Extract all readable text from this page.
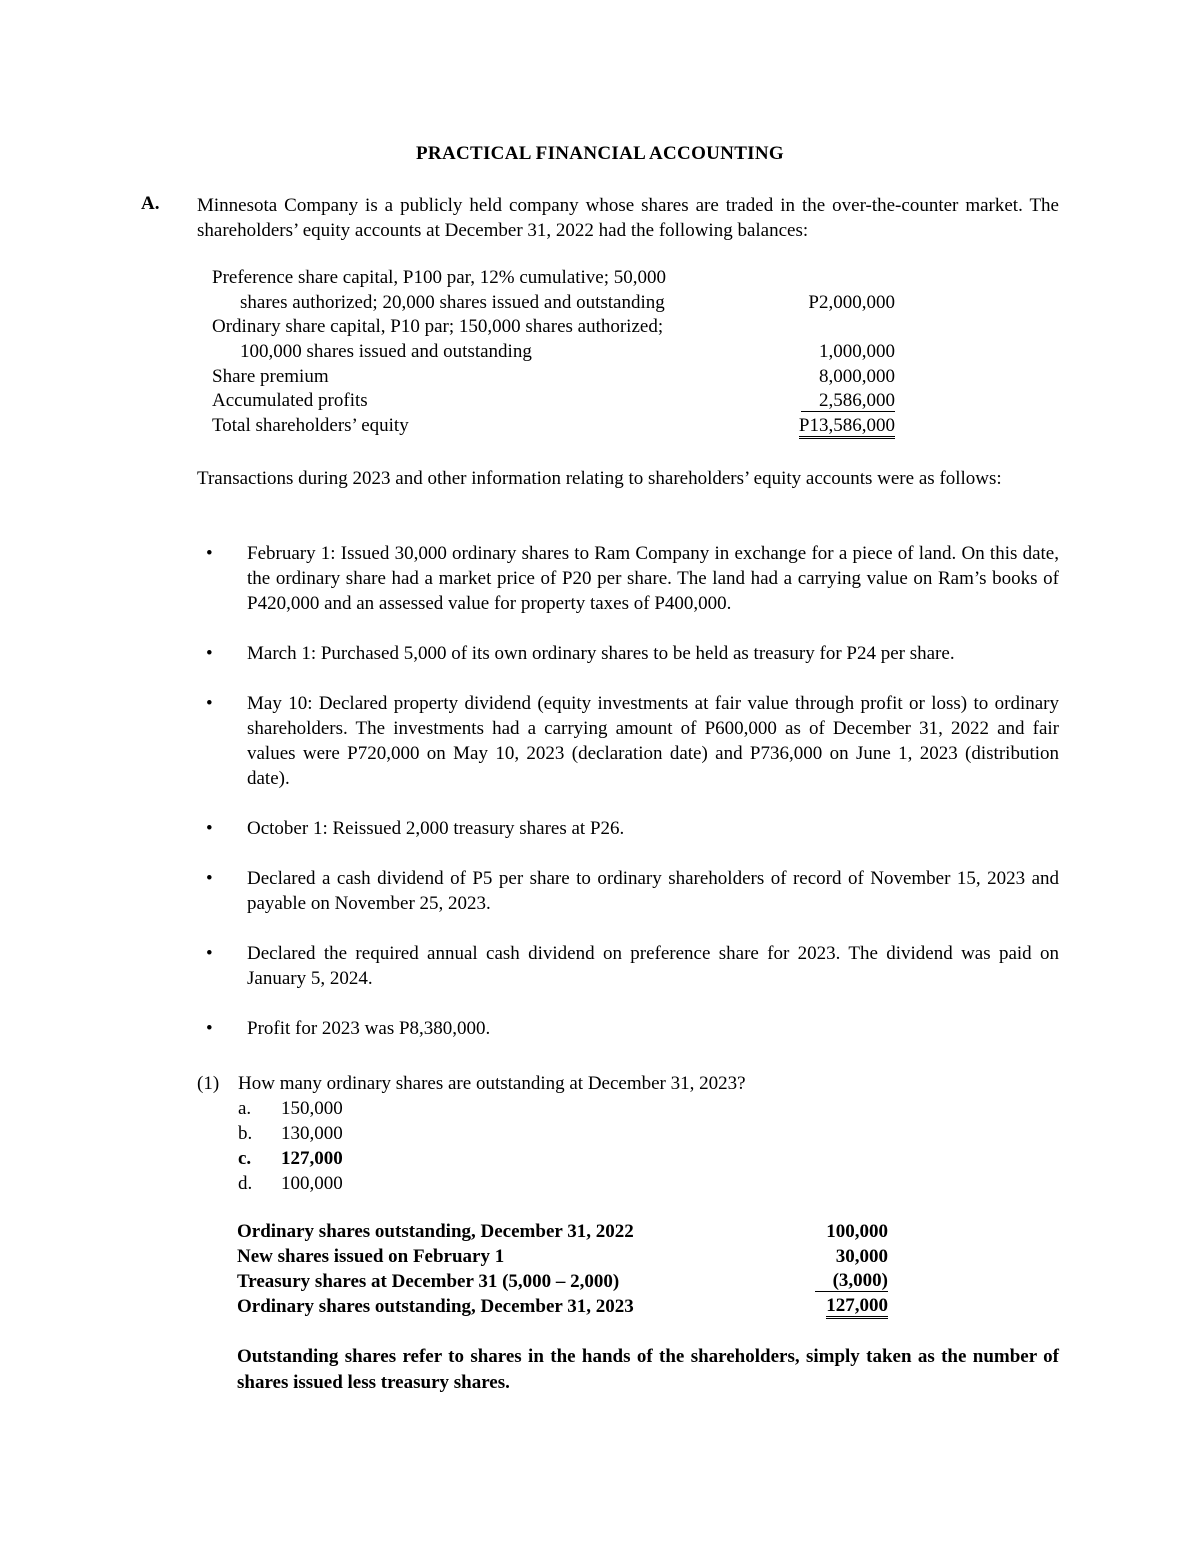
PRACTICAL FINANCIAL ACCOUNTING
A. Minnesota Company is a publicly held company whose shares are traded in the over-the-counter market. The shareholders’ equity accounts at December 31, 2022 had the following balances:
Preference share capital, P100 par, 12% cumulative; 50,000
shares authorized; 20,000 shares issued and outstanding	P2,000,000
Ordinary share capital, P10 par; 150,000 shares authorized;
100,000 shares issued and outstanding	1,000,000
Share premium	8,000,000
Accumulated profits	2,586,000
Total shareholders’ equity	P13,586,000
Transactions during 2023 and other information relating to shareholders’ equity accounts were as follows:
• February 1: Issued 30,000 ordinary shares to Ram Company in exchange for a piece of land. On this date, the ordinary share had a market price of P20 per share. The land had a carrying value on Ram’s books of P420,000 and an assessed value for property taxes of P400,000.
• March 1: Purchased 5,000 of its own ordinary shares to be held as treasury for P24 per share.
• May 10: Declared property dividend (equity investments at fair value through profit or loss) to ordinary shareholders. The investments had a carrying amount of P600,000 as of December 31, 2022 and fair values were P720,000 on May 10, 2023 (declaration date) and P736,000 on June 1, 2023 (distribution date).
• October 1: Reissued 2,000 treasury shares at P26.
• Declared a cash dividend of P5 per share to ordinary shareholders of record of November 15, 2023 and payable on November 25, 2023.
• Declared the required annual cash dividend on preference share for 2023. The dividend was paid on January 5, 2024.
• Profit for 2023 was P8,380,000.
(1) How many ordinary shares are outstanding at December 31, 2023?
a. 150,000
b. 130,000
c. 127,000
d. 100,000
Ordinary shares outstanding, December 31, 2022	100,000
New shares issued on February 1	30,000
Treasury shares at December 31 (5,000 – 2,000)	(3,000)
Ordinary shares outstanding, December 31, 2023	127,000
Outstanding shares refer to shares in the hands of the shareholders, simply taken as the number of shares issued less treasury shares.
